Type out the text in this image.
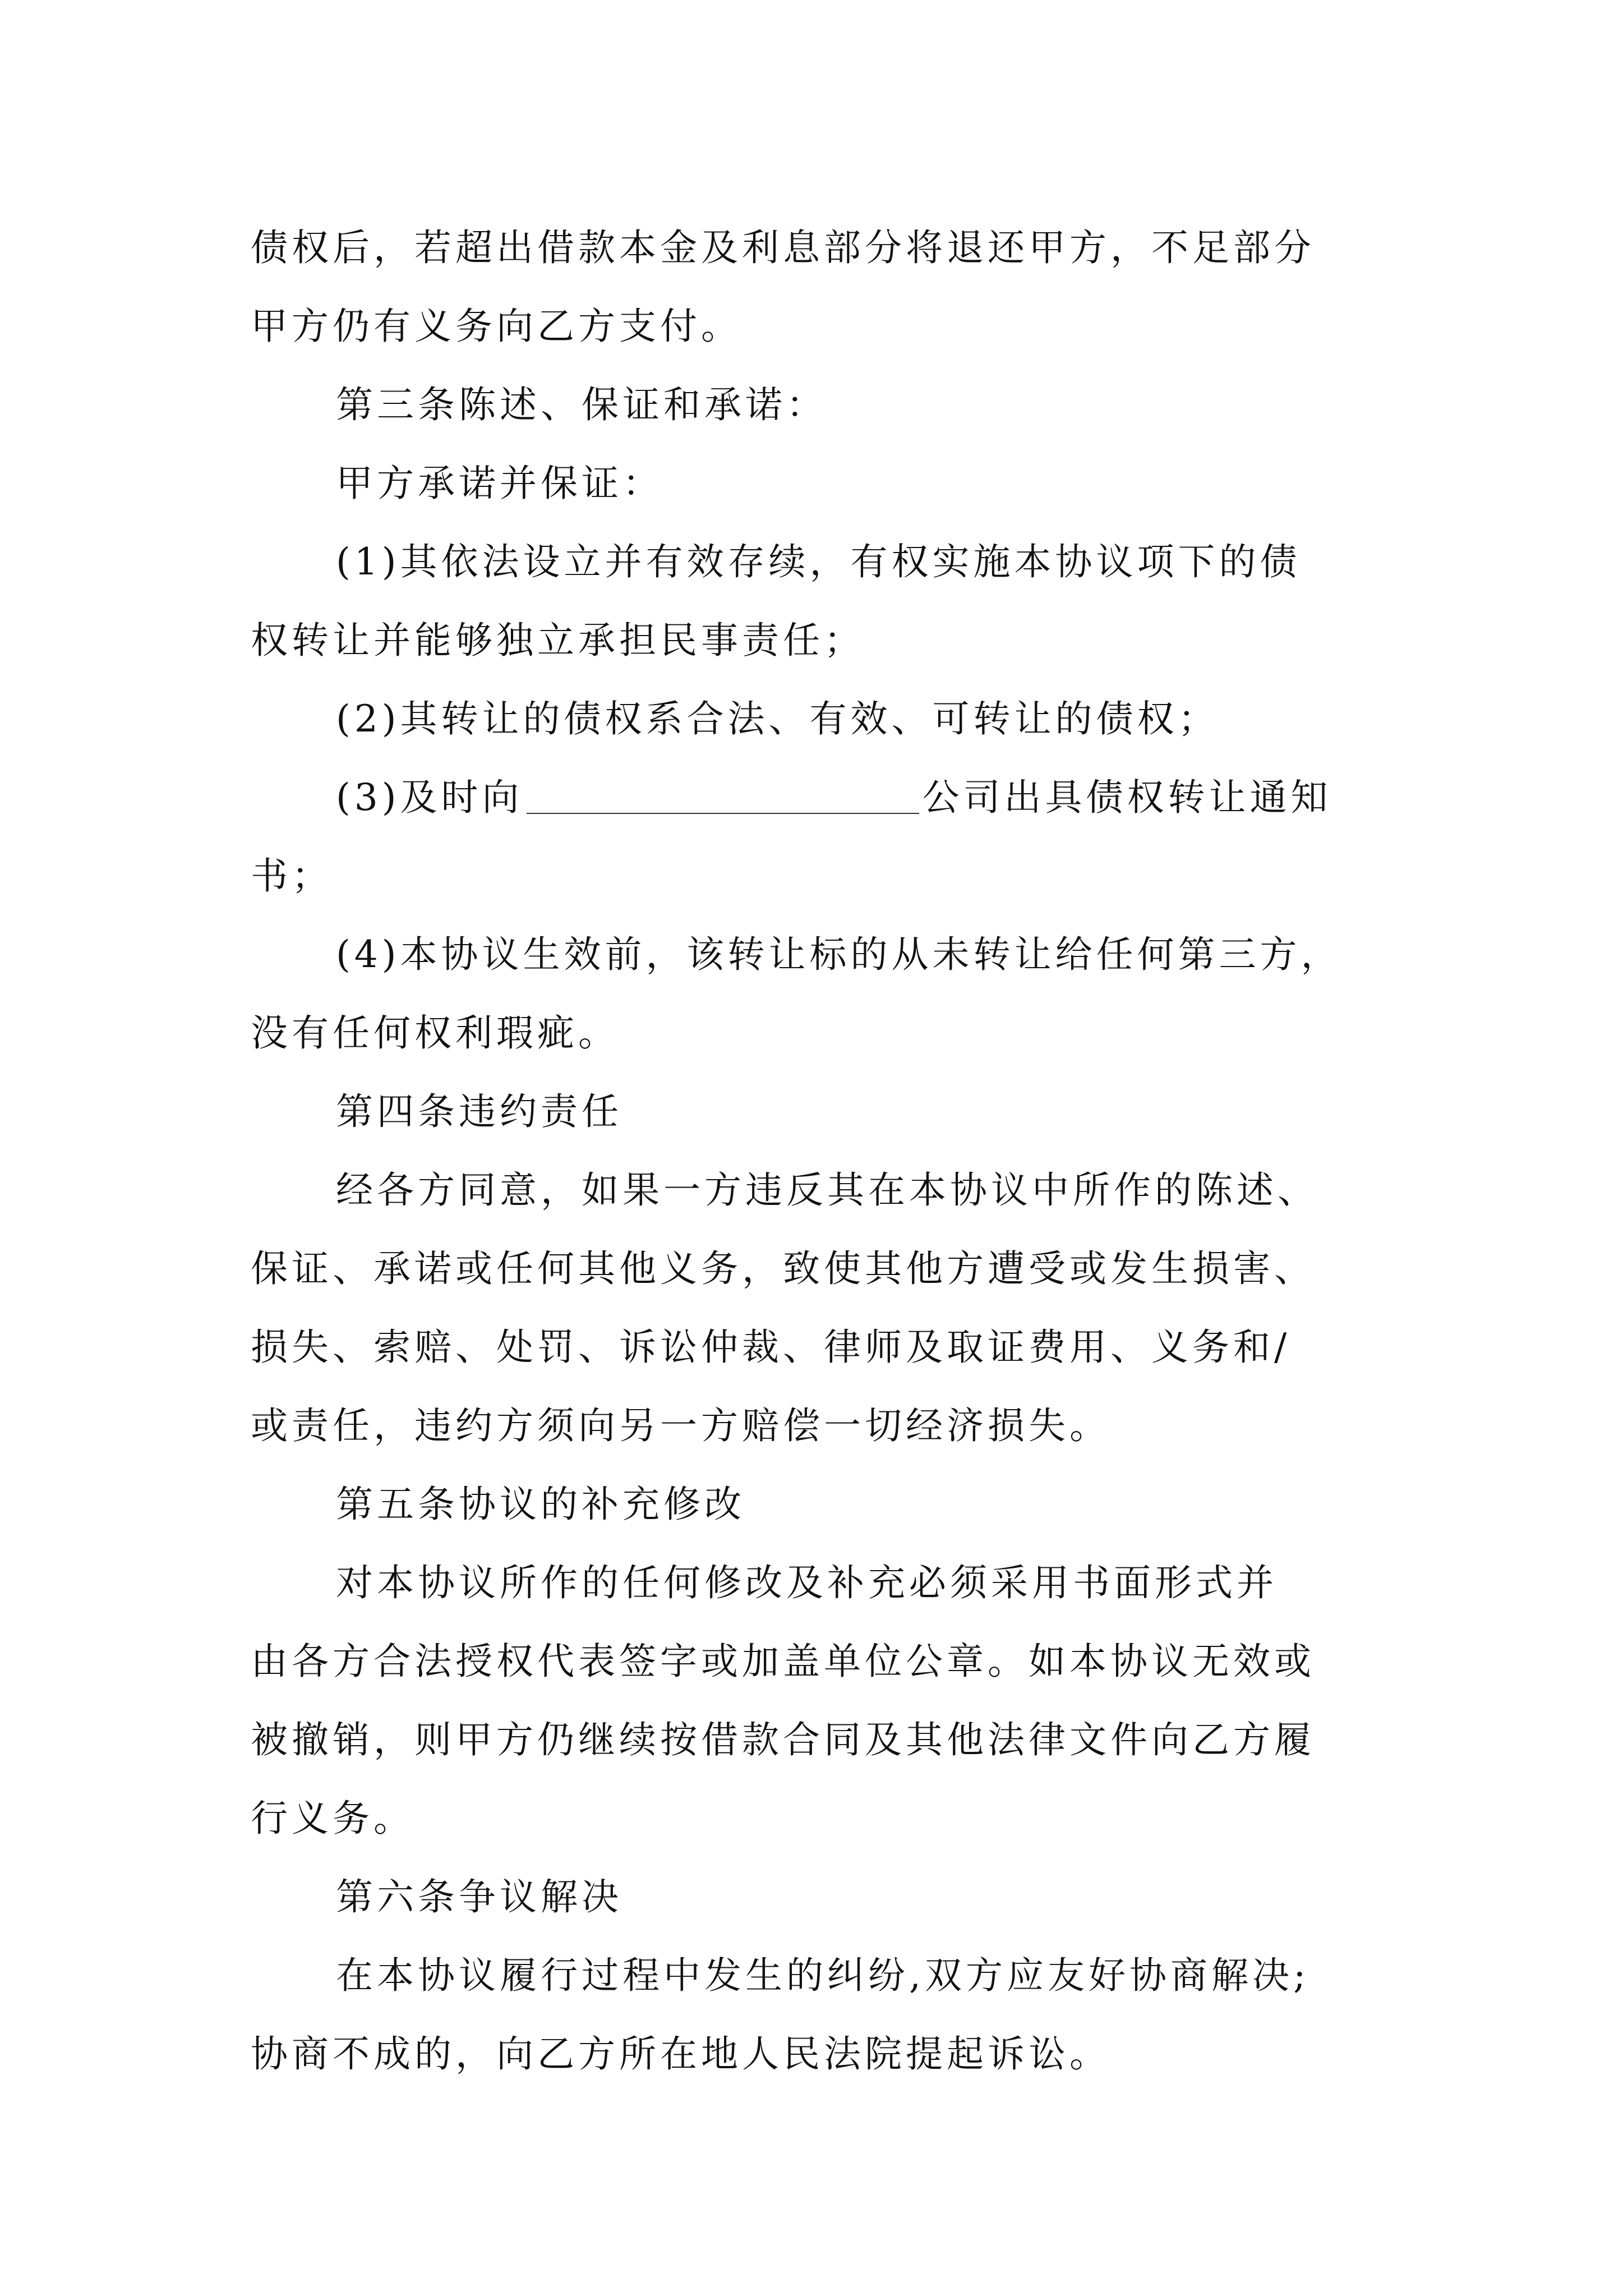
债权后，若超出借款本金及利息部分将退还甲方，不足部分
甲方仍有义务向乙方支付。
第三条陈述、保证和承诺：
甲方承诺并保证：
(1)其依法设立并有效存续，有权实施本协议项下的债
权转让并能够独立承担民事责任；
(2)其转让的债权系合法、有效、可转让的债权；
(3)及时向	公司出具债权转让通知
书；
(4)本协议生效前，该转让标的从未转让给任何第三方，
没有任何权利瑕疵。
第四条违约责任
经各方同意，如果一方违反其在本协议中所作的陈述、
保证、承诺或任何其他义务，致使其他方遭受或发生损害、
损失、索赔、处罚、诉讼仲裁、律师及取证费用、义务和/
或责任，违约方须向另一方赔偿一切经济损失。
第五条协议的补充修改
对本协议所作的任何修改及补充必须采用书面形式并
由各方合法授权代表签字或加盖单位公章。如本协议无效或
被撤销，则甲方仍继续按借款合同及其他法律文件向乙方履
行义务。
第六条争议解决
在本协议履行过程中发生的纠纷,双方应友好协商解决;
协商不成的，向乙方所在地人民法院提起诉讼。
